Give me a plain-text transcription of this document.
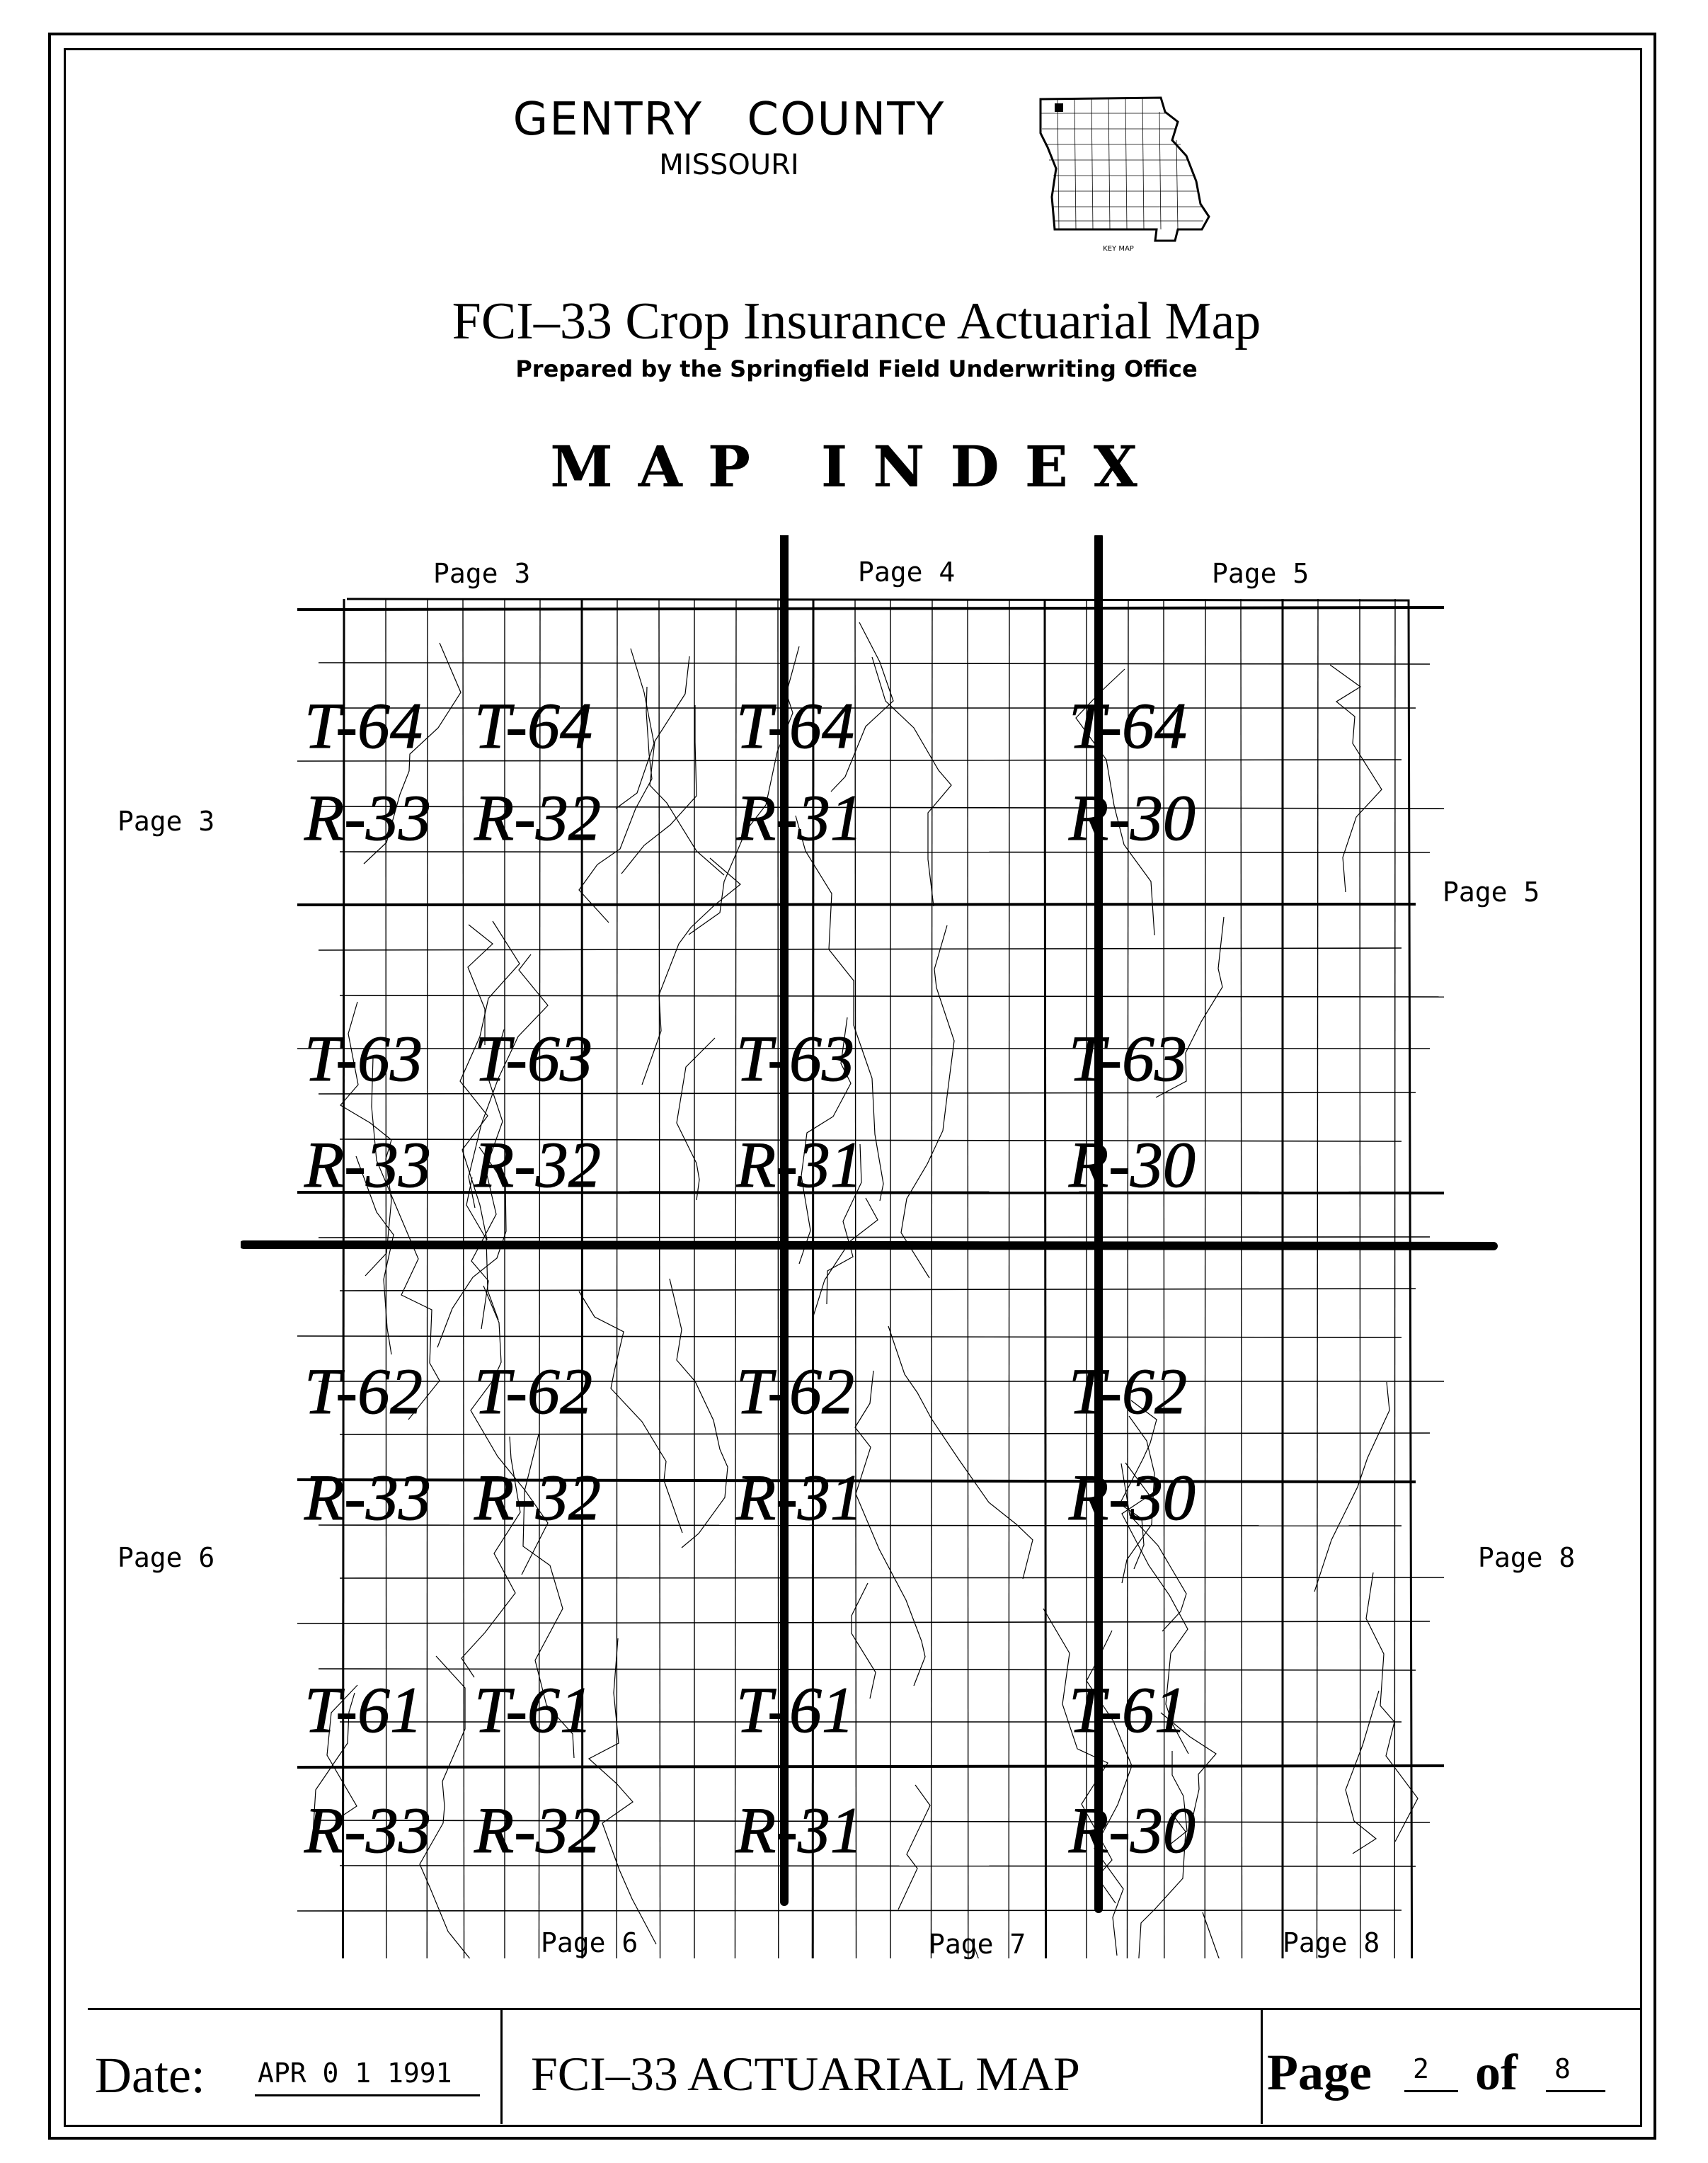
GENTRY COUNTY
MISSOURI
KEY MAP
FCI–33 Crop Insurance Actuarial Map
Prepared by the Springfield Field Underwriting Office
MAP INDEX
Page 3	Page 4	Page 5
Page 3
Page 5
Page 6	Page 8
Page 6	Page 7	Page 8
T-64 T-64 T-64	T-64
R-33 R-32 R-31	R-30
T-63 T-63 T-63	T-63
R-33 R-32 R-31	R-30
T-62 T-62 T-62	T-62
R-33 R-32 R-31	R-30
T-61 T-61 T-61	T-61
R-33 R-32 R-31	R-30
Date: APR 0 1 1991 FCI–33 ACTUARIAL MAP	Page 2 of 8
